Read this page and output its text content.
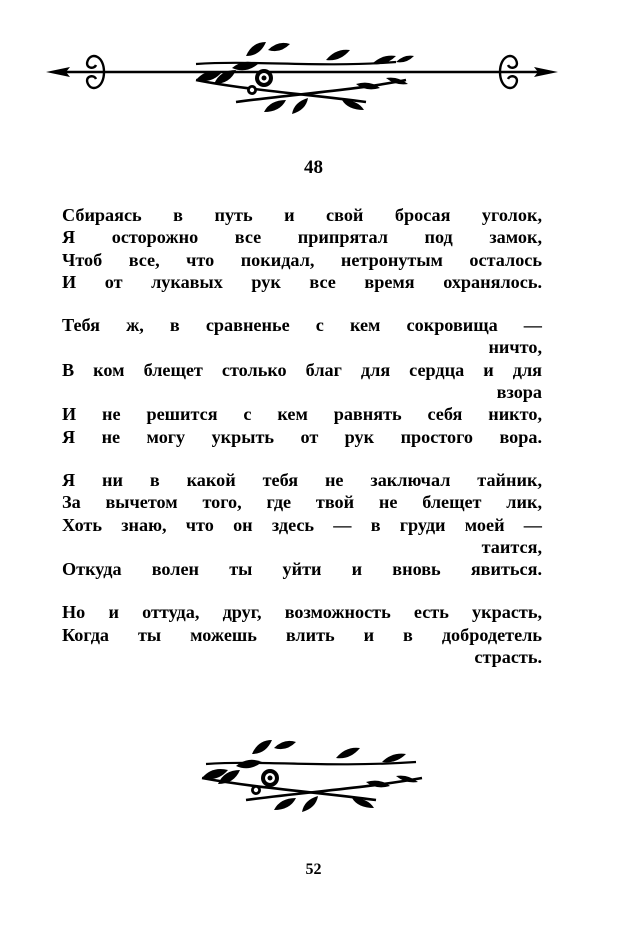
48
Сбираясь в путь и свой бросая уголок,
Я осторожно все припрятал под замок,
Чтоб все, что покидал, нетронутым осталось
И от лукавых рук все время охранялось.
Тебя ж, в сравненье с кем сокровища —
ничто,
В ком блещет столько благ для сердца и для
взора
И не решится с кем равнять себя никто,
Я не могу укрыть от рук простого вора.
Я ни в какой тебя не заключал тайник,
За вычетом того, где твой не блещет лик,
Хоть знаю, что он здесь — в груди моей —
таится,
Откуда волен ты уйти и вновь явиться.
Но и оттуда, друг, возможность есть украсть,
Когда ты можешь влить и в добродетель
страсть.
52
